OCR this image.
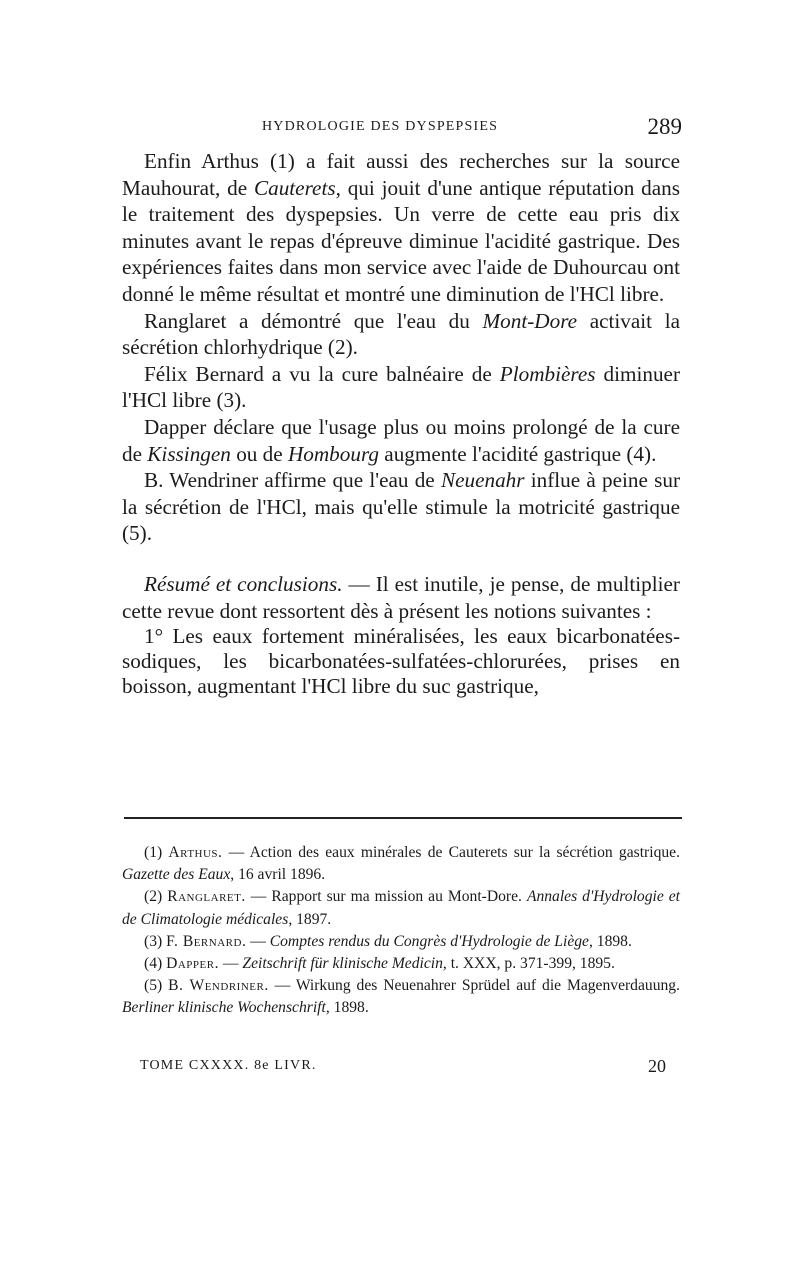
HYDROLOGIE DES DYSPEPSIES	289

Enfin Arthus (1) a fait aussi des recherches sur la source Mauhourat, de Cauterets, qui jouit d'une antique réputation dans le traitement des dyspepsies. Un verre de cette eau pris dix minutes avant le repas d'épreuve diminue l'acidité gastrique. Des expériences faites dans mon service avec l'aide de Duhourcau ont donné le même résultat et montré une diminution de l'HCl libre.

Ranglaret a démontré que l'eau du Mont-Dore activait la sécrétion chlorhydrique (2).

Félix Bernard a vu la cure balnéaire de Plombières diminuer l'HCl libre (3).

Dapper déclare que l'usage plus ou moins prolongé de la cure de Kissingen ou de Hombourg augmente l'acidité gastrique (4).

B. Wendriner affirme que l'eau de Neuenahr influe à peine sur la sécrétion de l'HCl, mais qu'elle stimule la motricité gastrique (5).

Résumé et conclusions. — Il est inutile, je pense, de multiplier cette revue dont ressortent dès à présent les notions suivantes :

1° Les eaux fortement minéralisées, les eaux bicarbonatées-sodiques, les bicarbonatées-sulfatées-chlorurées, prises en boisson, augmentant l'HCl libre du suc gastrique,

(1) Arthus. — Action des eaux minérales de Cauterets sur la sécrétion gastrique. Gazette des Eaux, 16 avril 1896.

(2) Ranglaret. — Rapport sur ma mission au Mont-Dore. Annales d'Hydrologie et de Climatologie médicales, 1897.

(3) F. Bernard. — Comptes rendus du Congrès d'Hydrologie de Liège, 1898.

(4) Dapper. — Zeitschrift für klinische Medicin, t. XXX, p. 371-399, 1895.

(5) B. Wendriner. — Wirkung des Neuenahrer Sprüdel auf die Magenverdauung. Berliner klinische Wochenschrift, 1898.

TOME CXXXX. 8e LIVR.	20
